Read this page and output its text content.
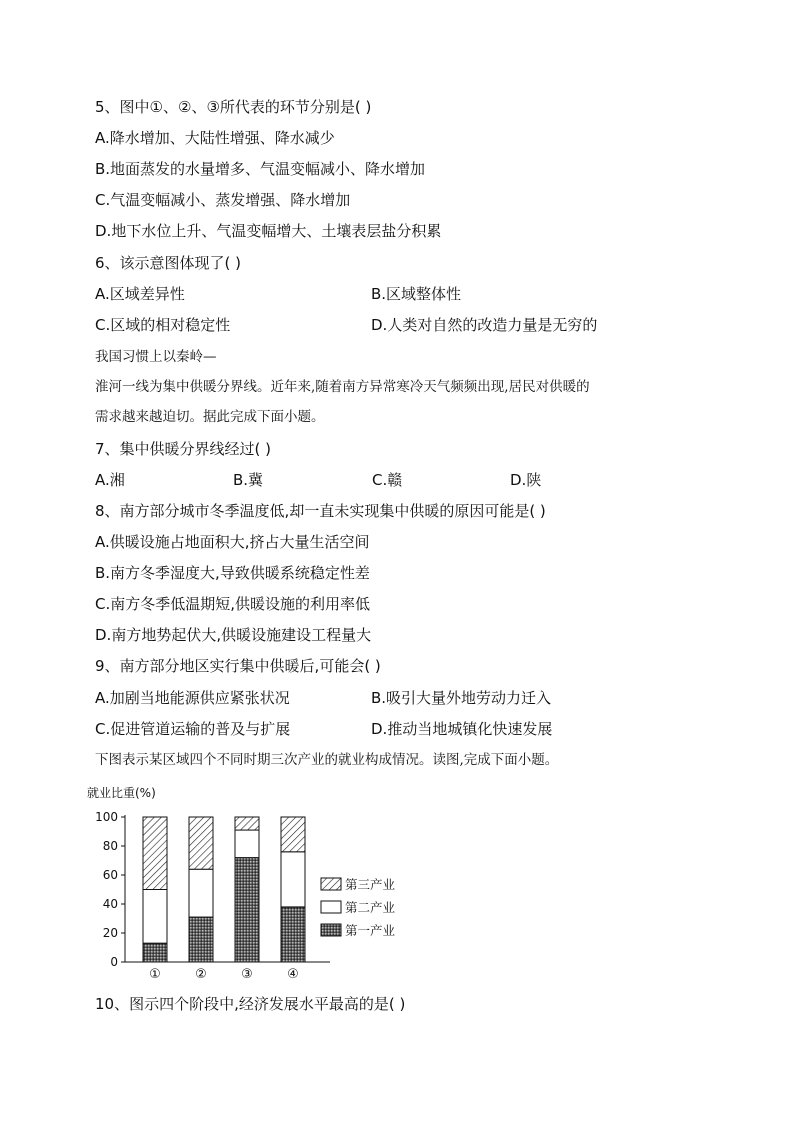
5、图中①、②、③所代表的环节分别是( )
A.降水增加、大陆性增强、降水减少
B.地面蒸发的水量增多、气温变幅减小、降水增加
C.气温变幅减小、蒸发增强、降水增加
D.地下水位上升、气温变幅增大、土壤表层盐分积累
6、该示意图体现了( )
A.区域差异性	B.区域整体性
C.区域的相对稳定性	D.人类对自然的改造力量是无穷的
我国习惯上以秦岭—
淮河一线为集中供暖分界线。近年来,随着南方异常寒冷天气频频出现,居民对供暖的
需求越来越迫切。据此完成下面小题。
7、集中供暖分界线经过( )
A.湘	B.冀	C.赣	D.陕
8、南方部分城市冬季温度低,却一直未实现集中供暖的原因可能是( )
A.供暖设施占地面积大,挤占大量生活空间
B.南方冬季湿度大,导致供暖系统稳定性差
C.南方冬季低温期短,供暖设施的利用率低
D.南方地势起伏大,供暖设施建设工程量大
9、南方部分地区实行集中供暖后,可能会( )
A.加剧当地能源供应紧张状况	B.吸引大量外地劳动力迁入
C.促进管道运输的普及与扩展	D.推动当地城镇化快速发展
下图表示某区域四个不同时期三次产业的就业构成情况。读图,完成下面小题。
就业比重(%)
0
20
40
60
80
100
①	②	③	④
第三产业
第二产业
第一产业
10、图示四个阶段中,经济发展水平最高的是( )
